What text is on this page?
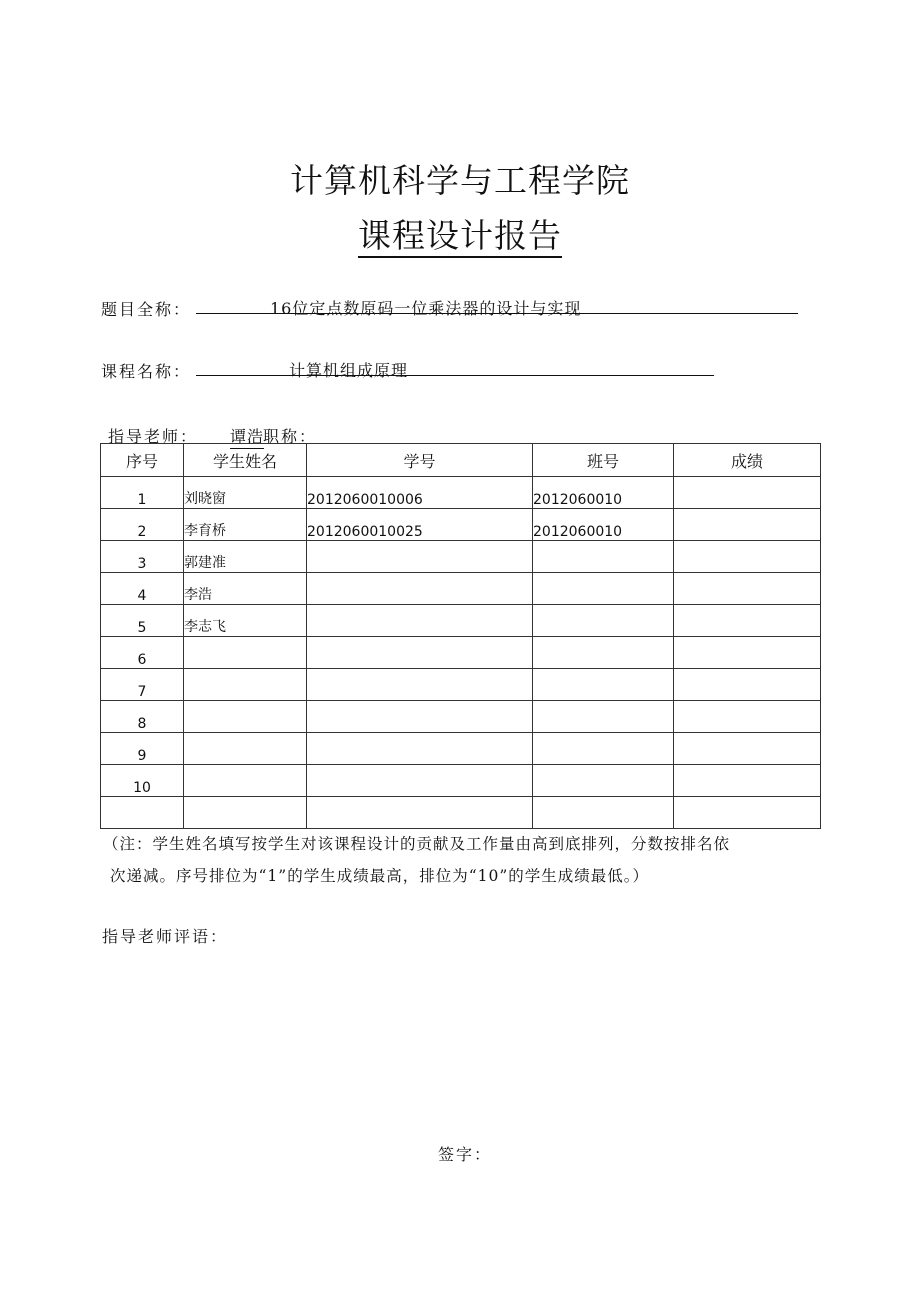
计算机科学与工程学院
课程设计报告
题目全称：	16位定点数原码一位乘法器的设计与实现
课程名称：	计算机组成原理
指导老师： 谭浩
职称：
序号	学生姓名	学号	班号	成绩
1	刘晓窗	2012060010006	2012060010	
2	李育桥	2012060010025	2012060010	
3	郭建准			
4	李浩			
5	李志飞			
6				
7				
8				
9				
10				

（注：学生姓名填写按学生对该课程设计的贡献及工作量由高到底排列，分数按排名依
次递减。序号排位为“1”的学生成绩最高，排位为“10”的学生成绩最低。）
指导老师评语：
签字：
